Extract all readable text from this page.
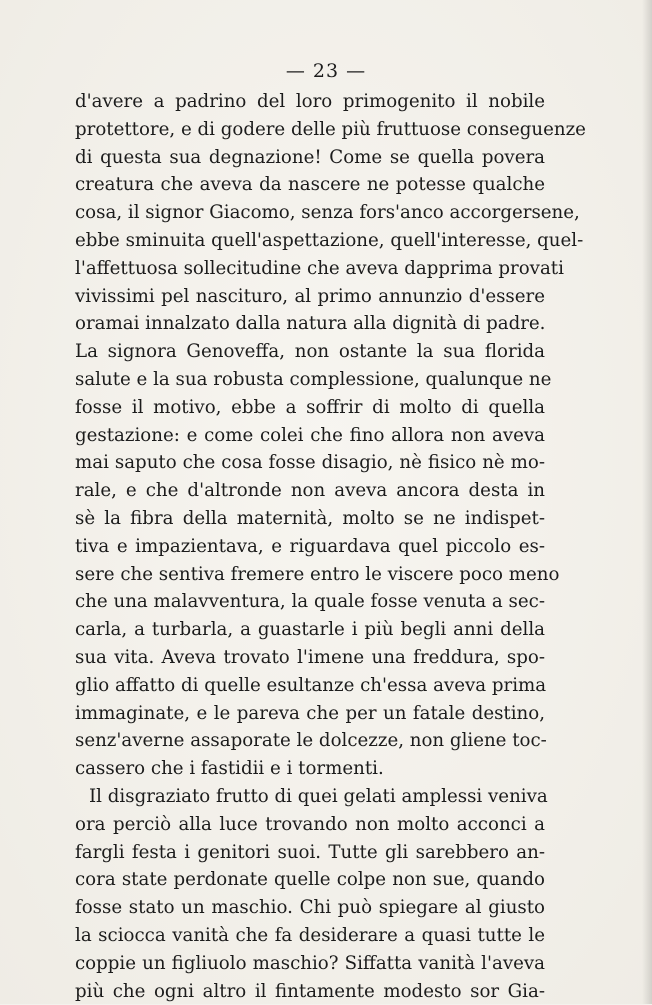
— 23 —
d'avere a padrino del loro primogenito il nobile
protettore, e di godere delle più fruttuose conseguenze
di questa sua degnazione! Come se quella povera
creatura che aveva da nascere ne potesse qualche
cosa, il signor Giacomo, senza fors'anco accorgersene,
ebbe sminuita quell'aspettazione, quell'interesse, quel-
l'affettuosa sollecitudine che aveva dapprima provati
vivissimi pel nascituro, al primo annunzio d'essere
oramai innalzato dalla natura alla dignità di padre.
La signora Genoveffa, non ostante la sua florida
salute e la sua robusta complessione, qualunque ne
fosse il motivo, ebbe a soffrir di molto di quella
gestazione: e come colei che fino allora non aveva
mai saputo che cosa fosse disagio, nè fisico nè mo-
rale, e che d'altronde non aveva ancora desta in
sè la fibra della maternità, molto se ne indispet-
tiva e impazientava, e riguardava quel piccolo es-
sere che sentiva fremere entro le viscere poco meno
che una malavventura, la quale fosse venuta a sec-
carla, a turbarla, a guastarle i più begli anni della
sua vita. Aveva trovato l'imene una freddura, spo-
glio affatto di quelle esultanze ch'essa aveva prima
immaginate, e le pareva che per un fatale destino,
senz'averne assaporate le dolcezze, non gliene toc-
cassero che i fastidii e i tormenti.
Il disgraziato frutto di quei gelati amplessi veniva
ora perciò alla luce trovando non molto acconci a
fargli festa i genitori suoi. Tutte gli sarebbero an-
cora state perdonate quelle colpe non sue, quando
fosse stato un maschio. Chi può spiegare al giusto
la sciocca vanità che fa desiderare a quasi tutte le
coppie un figliuolo maschio? Siffatta vanità l'aveva
più che ogni altro il fintamente modesto sor Gia-
